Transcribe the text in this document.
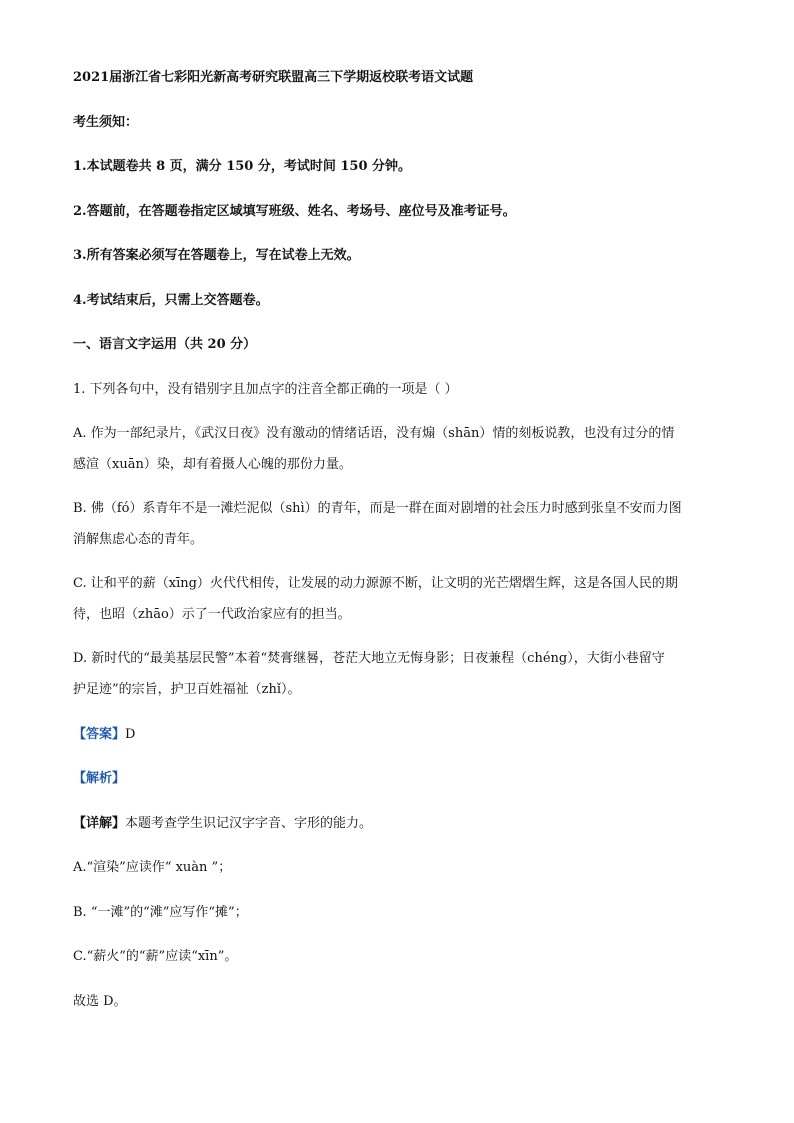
2021届浙江省七彩阳光新高考研究联盟高三下学期返校联考语文试题
考生须知：
1.本试题卷共 8 页，满分 150 分，考试时间 150 分钟。
2.答题前，在答题卷指定区域填写班级、姓名、考场号、座位号及准考证号。
3.所有答案必须写在答题卷上，写在试卷上无效。
4.考试结束后，只需上交答题卷。
一、语言文字运用（共 20 分）
1. 下列各句中，没有错别字且加点字的注音全都正确的一项是（ ）
A. 作为一部纪录片，《武汉日夜》没有激动的情绪话语，没有煽（shān）情的刻板说教，也没有过分的情
感渲（xuān）染，却有着摄人心魄的那份力量。
B. 佛（fó）系青年不是一滩烂泥似（shì）的青年，而是一群在面对剧增的社会压力时感到张皇不安而力图
消解焦虑心态的青年。
C. 让和平的薪（xīng）火代代相传，让发展的动力源源不断，让文明的光芒熠熠生辉，这是各国人民的期
待，也昭（zhāo）示了一代政治家应有的担当。
D. 新时代的“最美基层民警”本着“焚膏继晷，苍茫大地立无悔身影；日夜兼程（chéng），大街小巷留守
护足迹”的宗旨，护卫百姓福祉（zhǐ）。
【答案】D
【解析】
【详解】本题考查学生识记汉字字音、字形的能力。
A.“渲染”应读作“ xuàn ”；
B. “一滩”的“滩”应写作“摊”；
C.“薪火”的“薪”应读“xīn”。
故选 D。
